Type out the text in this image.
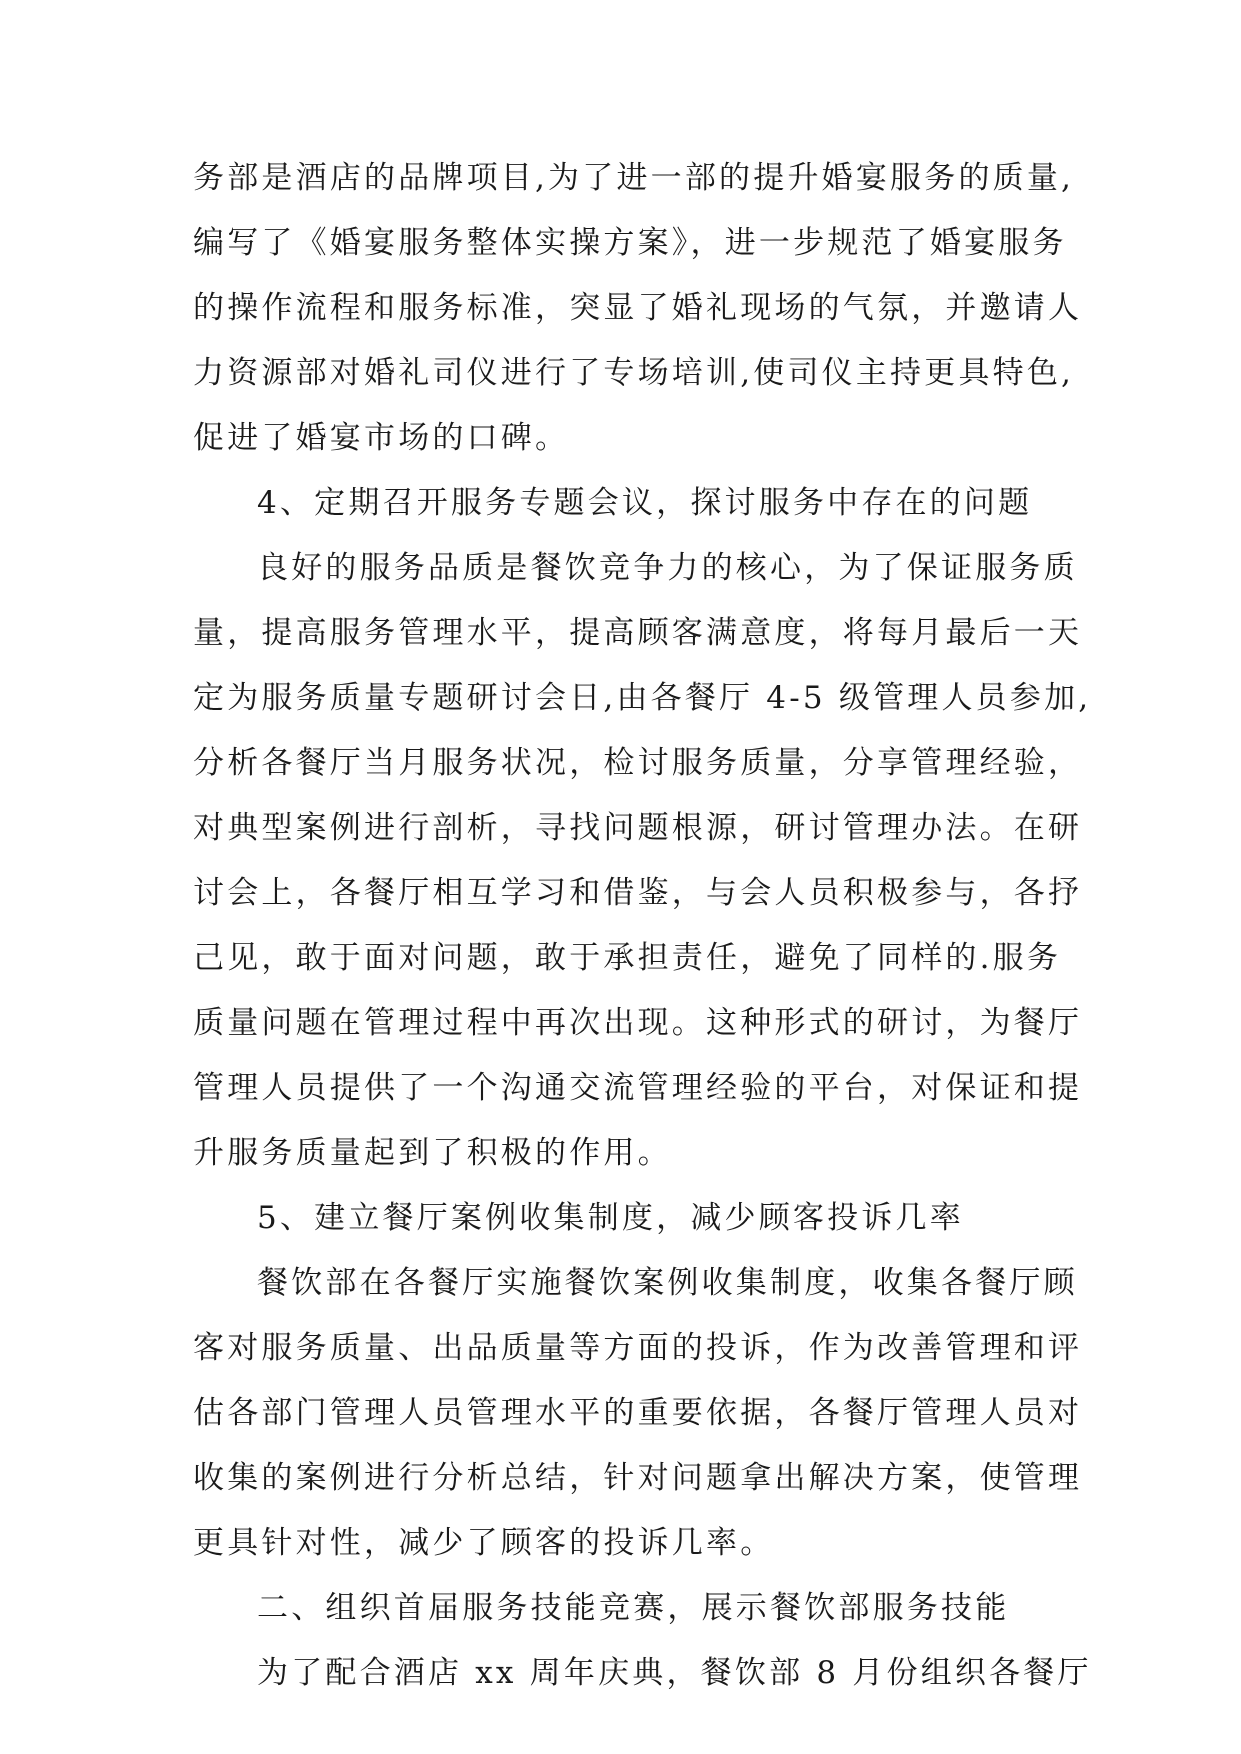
务部是酒店的品牌项目,为了进一部的提升婚宴服务的质量,
编写了《婚宴服务整体实操方案》，进一步规范了婚宴服务
的操作流程和服务标准，突显了婚礼现场的气氛，并邀请人
力资源部对婚礼司仪进行了专场培训,使司仪主持更具特色,
促进了婚宴市场的口碑。
4、定期召开服务专题会议，探讨服务中存在的问题
良好的服务品质是餐饮竞争力的核心，为了保证服务质
量，提高服务管理水平，提高顾客满意度，将每月最后一天
定为服务质量专题研讨会日,由各餐厅 4-5 级管理人员参加,
分析各餐厅当月服务状况，检讨服务质量，分享管理经验，
对典型案例进行剖析，寻找问题根源，研讨管理办法。在研
讨会上，各餐厅相互学习和借鉴，与会人员积极参与，各抒
己见，敢于面对问题，敢于承担责任，避免了同样的.服务
质量问题在管理过程中再次出现。这种形式的研讨，为餐厅
管理人员提供了一个沟通交流管理经验的平台，对保证和提
升服务质量起到了积极的作用。
5、建立餐厅案例收集制度，减少顾客投诉几率
餐饮部在各餐厅实施餐饮案例收集制度，收集各餐厅顾
客对服务质量、出品质量等方面的投诉，作为改善管理和评
估各部门管理人员管理水平的重要依据，各餐厅管理人员对
收集的案例进行分析总结，针对问题拿出解决方案，使管理
更具针对性，减少了顾客的投诉几率。
二、组织首届服务技能竞赛，展示餐饮部服务技能
为了配合酒店 xx 周年庆典，餐饮部 8 月份组织各餐厅
